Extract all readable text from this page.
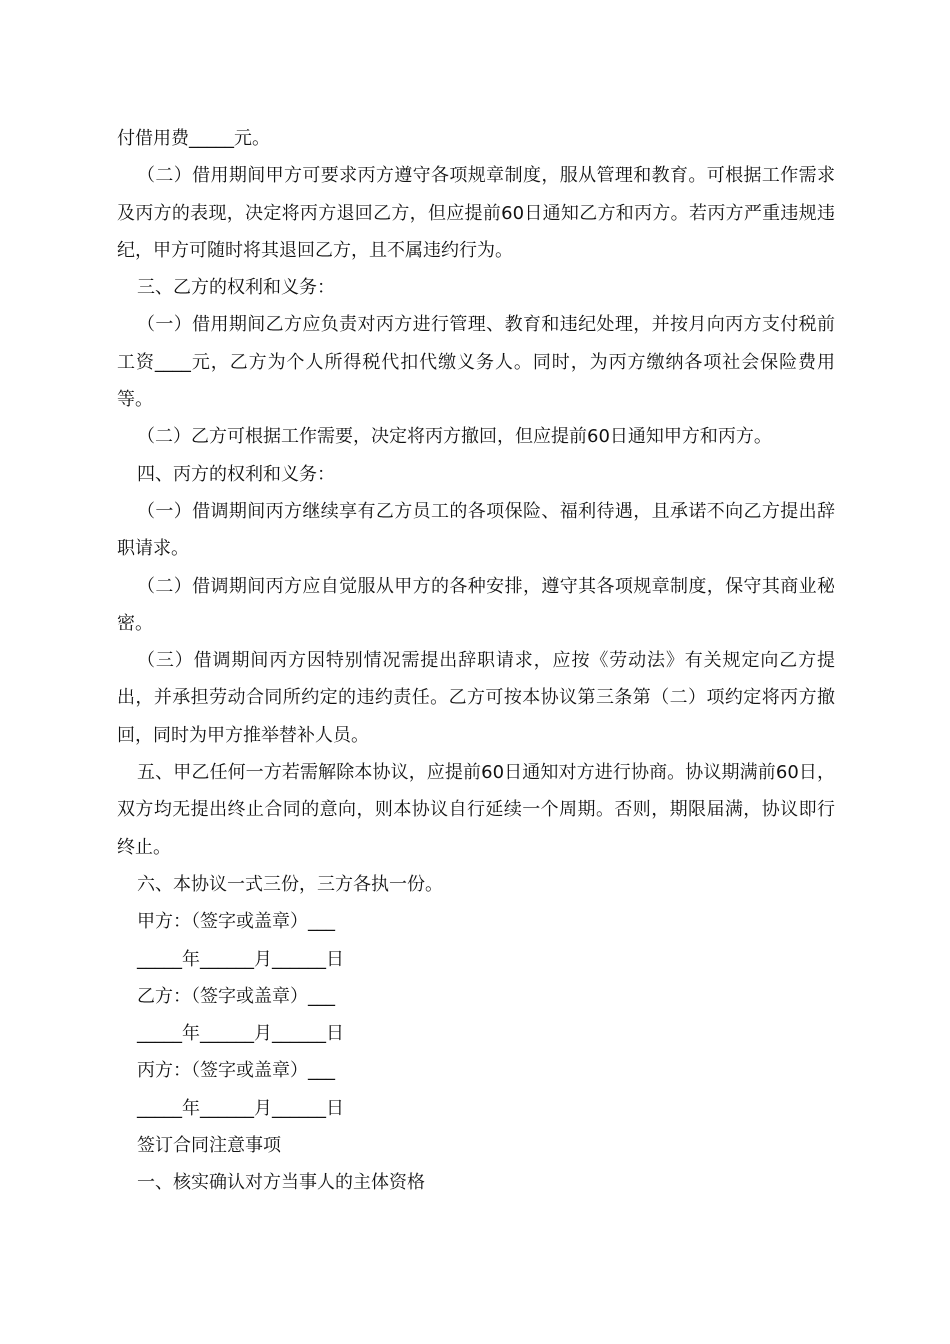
付借用费_____元。

（二）借用期间甲方可要求丙方遵守各项规章制度，服从管理和教育。可根据工作需求及丙方的表现，决定将丙方退回乙方，但应提前60日通知乙方和丙方。若丙方严重违规违纪，甲方可随时将其退回乙方，且不属违约行为。

三、乙方的权利和义务：

（一）借用期间乙方应负责对丙方进行管理、教育和违纪处理，并按月向丙方支付税前工资____元，乙方为个人所得税代扣代缴义务人。同时，为丙方缴纳各项社会保险费用等。

（二）乙方可根据工作需要，决定将丙方撤回，但应提前60日通知甲方和丙方。

四、丙方的权利和义务：

（一）借调期间丙方继续享有乙方员工的各项保险、福利待遇，且承诺不向乙方提出辞职请求。

（二）借调期间丙方应自觉服从甲方的各种安排，遵守其各项规章制度，保守其商业秘密。

（三）借调期间丙方因特别情况需提出辞职请求，应按《劳动法》有关规定向乙方提出，并承担劳动合同所约定的违约责任。乙方可按本协议第三条第（二）项约定将丙方撤回，同时为甲方推举替补人员。

五、甲乙任何一方若需解除本协议，应提前60日通知对方进行协商。协议期满前60日，双方均无提出终止合同的意向，则本协议自行延续一个周期。否则，期限届满，协议即行终止。

六、本协议一式三份，三方各执一份。

甲方：（签字或盖章）___

_____年______月______日

乙方：（签字或盖章）___

_____年______月______日

丙方：（签字或盖章）___

_____年______月______日

签订合同注意事项

一、核实确认对方当事人的主体资格
